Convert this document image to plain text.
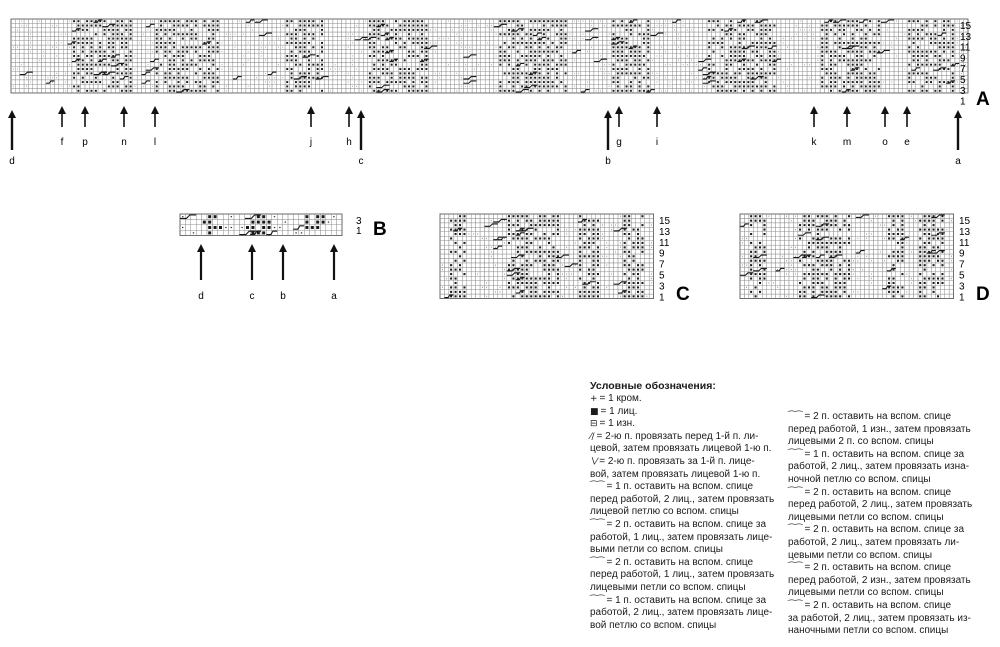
15
13
11
9
7
5
3
1 A
d
f p	n	l	j	h
c	b
g	i	k	m	o e
a
3
1 B
d	c	b	a
15
13
11
9
7
5
3
1 C
15
13
11
9
7
5
3
1 D
Условные обозначения:
+ = 1 кром.
■ = 1 лиц.
⊟ = 1 изн.
⁄∕ = 2-ю п. провязать перед 1-й п. ли-
цевой, затем провязать лицевой 1-ю п.
∖⁄ = 2-ю п. провязать за 1-й п. лице-
вой, затем провязать лицевой 1-ю п.
⁀⁀ = 1 п. оставить на вспом. спице
перед работой, 2 лиц., затем провязать
лицевой петлю со вспом. спицы
⁀⁀ = 2 п. оставить на вспом. спице за
работой, 1 лиц., затем провязать лице-
выми петли со вспом. спицы
⁀⁀ = 2 п. оставить на вспом. спице
перед работой, 1 лиц., затем провязать
лицевыми петли со вспом. спицы
⁀⁀ = 1 п. оставить на вспом. спице за
работой, 2 лиц., затем провязать лице-
вой петлю со вспом. спицы
⁀⁀ = 2 п. оставить на вспом. спице
перед работой, 1 изн., затем провязать
лицевыми 2 п. со вспом. спицы
⁀⁀ = 1 п. оставить на вспом. спице за
работой, 2 лиц., затем провязать изна-
ночной петлю со вспом. спицы
⁀⁀ = 2 п. оставить на вспом. спице
перед работой, 2 лиц., затем провязать
лицевыми петли со вспом. спицы
⁀⁀ = 2 п. оставить на вспом. спице за
работой, 2 лиц., затем провязать ли-
цевыми петли со вспом. спицы
⁀⁀ = 2 п. оставить на вспом. спице
перед работой, 2 изн., затем провязать
лицевыми петли со вспом. спицы
⁀⁀ = 2 п. оставить на вспом. спице
за работой, 2 лиц., затем провязать из-
наночными петли со вспом. спицы
